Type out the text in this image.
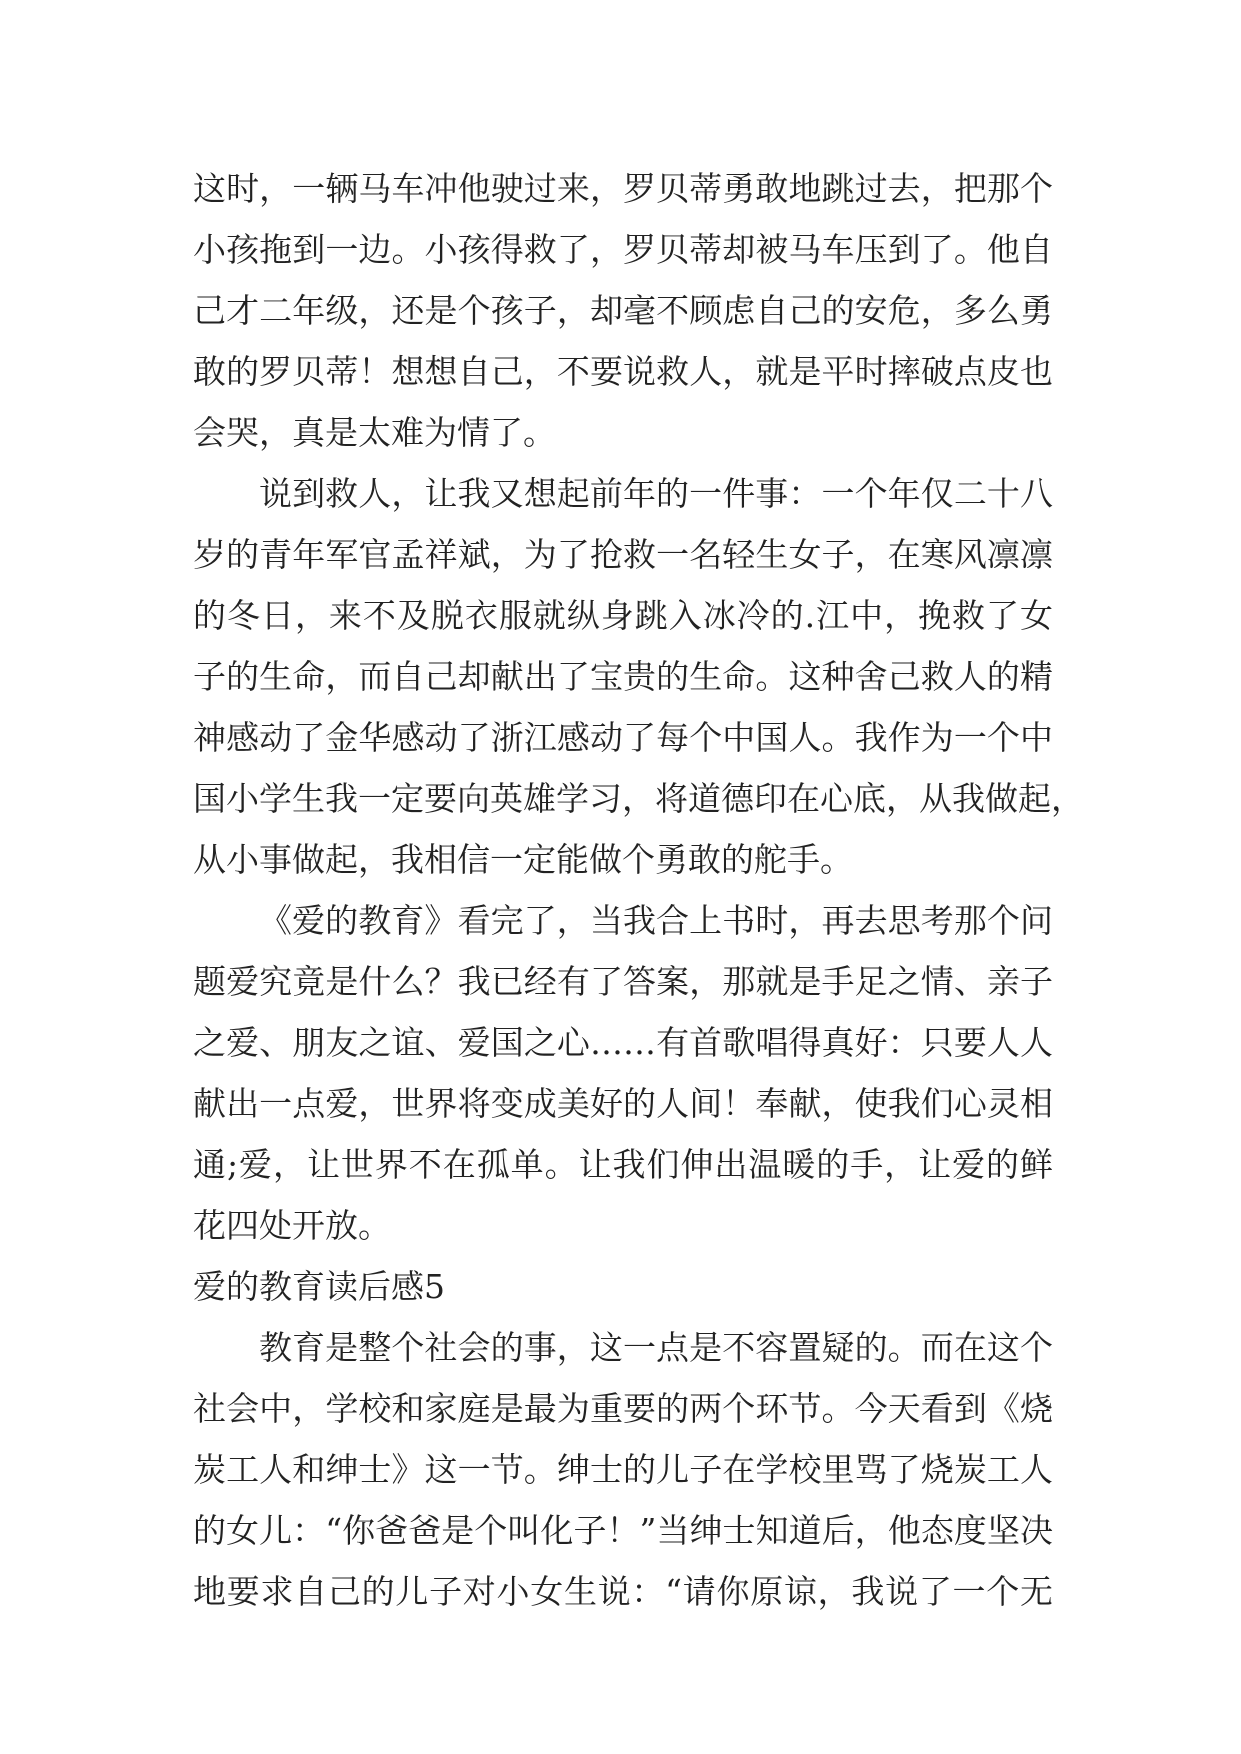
这时，一辆马车冲他驶过来，罗贝蒂勇敢地跳过去，把那个
小孩拖到一边。小孩得救了，罗贝蒂却被马车压到了。他自
己才二年级，还是个孩子，却毫不顾虑自己的安危，多么勇
敢的罗贝蒂！想想自己，不要说救人，就是平时摔破点皮也
会哭，真是太难为情了。
说到救人，让我又想起前年的一件事：一个年仅二十八
岁的青年军官孟祥斌，为了抢救一名轻生女子，在寒风凛凛
的冬日，来不及脱衣服就纵身跳入冰冷的.江中，挽救了女
子的生命，而自己却献出了宝贵的生命。这种舍己救人的精
神感动了金华感动了浙江感动了每个中国人。我作为一个中
国小学生我一定要向英雄学习，将道德印在心底，从我做起，
从小事做起，我相信一定能做个勇敢的舵手。
《爱的教育》看完了，当我合上书时，再去思考那个问
题爱究竟是什么？我已经有了答案，那就是手足之情、亲子
之爱、朋友之谊、爱国之心……有首歌唱得真好：只要人人
献出一点爱，世界将变成美好的人间！奉献，使我们心灵相
通;爱，让世界不在孤单。让我们伸出温暖的手，让爱的鲜
花四处开放。
爱的教育读后感5
教育是整个社会的事，这一点是不容置疑的。而在这个
社会中，学校和家庭是最为重要的两个环节。今天看到《烧
炭工人和绅士》这一节。绅士的儿子在学校里骂了烧炭工人
的女儿：“你爸爸是个叫化子！”当绅士知道后，他态度坚决
地要求自己的儿子对小女生说：“请你原谅，我说了一个无
